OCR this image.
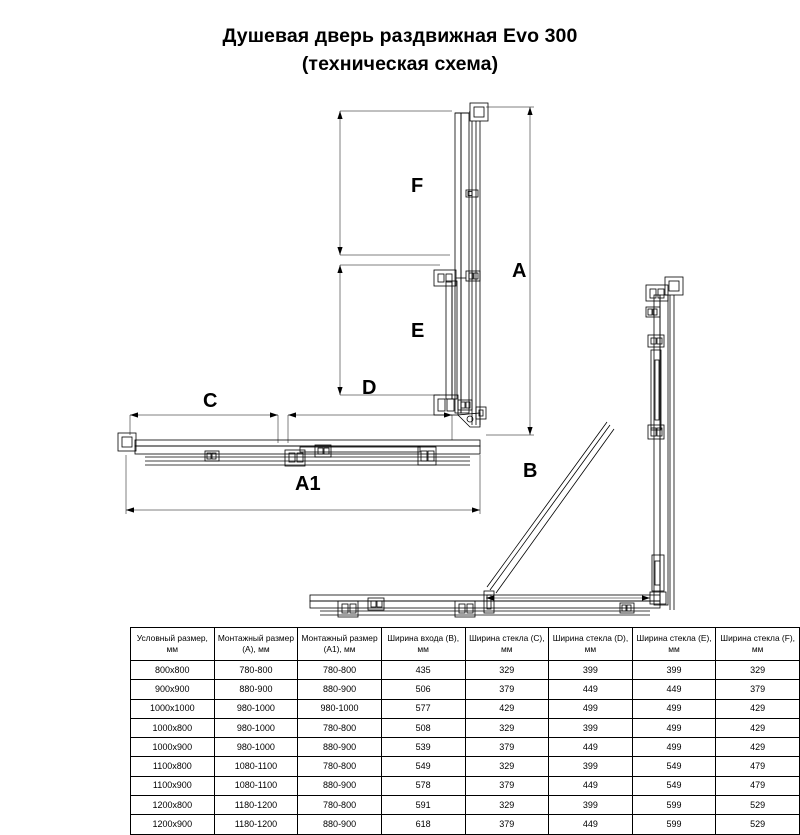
Душевая дверь раздвижная Evo 300
(техническая схема)
F
A
E
D
C
A1
B
Условный размер, мм	Монтажный размер (A), мм	Монтажный размер (A1), мм	Ширина входа (B), мм	Ширина стекла (C), мм	Ширина стекла (D), мм	Ширина стекла (E), мм	Ширина стекла (F), мм
800x800	780-800	780-800	435	329	399	399	329
900x900	880-900	880-900	506	379	449	449	379
1000x1000	980-1000	980-1000	577	429	499	499	429
1000x800	980-1000	780-800	508	329	399	499	429
1000x900	980-1000	880-900	539	379	449	499	429
1100x800	1080-1100	780-800	549	329	399	549	479
1100x900	1080-1100	880-900	578	379	449	549	479
1200x800	1180-1200	780-800	591	329	399	599	529
1200x900	1180-1200	880-900	618	379	449	599	529
